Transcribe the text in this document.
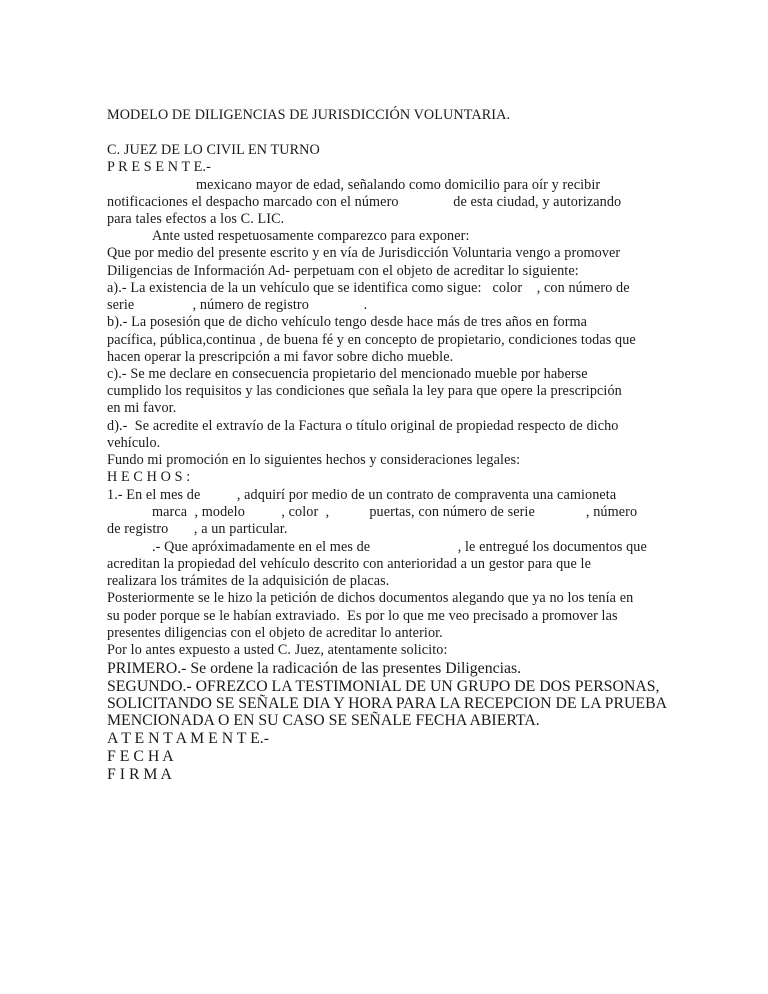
MODELO DE DILIGENCIAS DE JURISDICCIÓN VOLUNTARIA.
C. JUEZ DE LO CIVIL EN TURNO
P R E S E N T E.-
mexicano mayor de edad, señalando como domicilio para oír y recibir
notificaciones el despacho marcado con el número               de esta ciudad, y autorizando
para tales efectos a los C. LIC.
Ante usted respetuosamente comparezco para exponer:
Que por medio del presente escrito y en vía de Jurisdicción Voluntaria vengo a promover
Diligencias de Información Ad- perpetuam con el objeto de acreditar lo siguiente:
a).- La existencia de la un vehículo que se identifica como sigue:   color    , con número de
serie                , número de registro               .
b).- La posesión que de dicho vehículo tengo desde hace más de tres años en forma
pacífica, pública,continua , de buena fé y en concepto de propietario, condiciones todas que
hacen operar la prescripción a mi favor sobre dicho mueble.
c).- Se me declare en consecuencia propietario del mencionado mueble por haberse
cumplido los requisitos y las condiciones que señala la ley para que opere la prescripción
en mi favor.
d).-  Se acredite el extravío de la Factura o título original de propiedad respecto de dicho
vehículo.
Fundo mi promoción en lo siguientes hechos y consideraciones legales:
H E C H O S :
1.- En el mes de          , adquirí por medio de un contrato de compraventa una camioneta
marca  , modelo          , color  ,           puertas, con número de serie              , número
de registro       , a un particular.
.- Que apróximadamente en el mes de                        , le entregué los documentos que
acreditan la propiedad del vehículo descrito con anterioridad a un gestor para que le
realizara los trámites de la adquisición de placas.
Posteriormente se le hizo la petición de dichos documentos alegando que ya no los tenía en
su poder porque se le habían extraviado.  Es por lo que me veo precisado a promover las
presentes diligencias con el objeto de acreditar lo anterior.
Por lo antes expuesto a usted C. Juez, atentamente solicito:
PRIMERO.- Se ordene la radicación de las presentes Diligencias.
SEGUNDO.- OFREZCO LA TESTIMONIAL DE UN GRUPO DE DOS PERSONAS,
SOLICITANDO SE SEÑALE DIA Y HORA PARA LA RECEPCION DE LA PRUEBA
MENCIONADA O EN SU CASO SE SEÑALE FECHA ABIERTA.
A T E N T A M E N T E.-
F E C H A
F I R M A
